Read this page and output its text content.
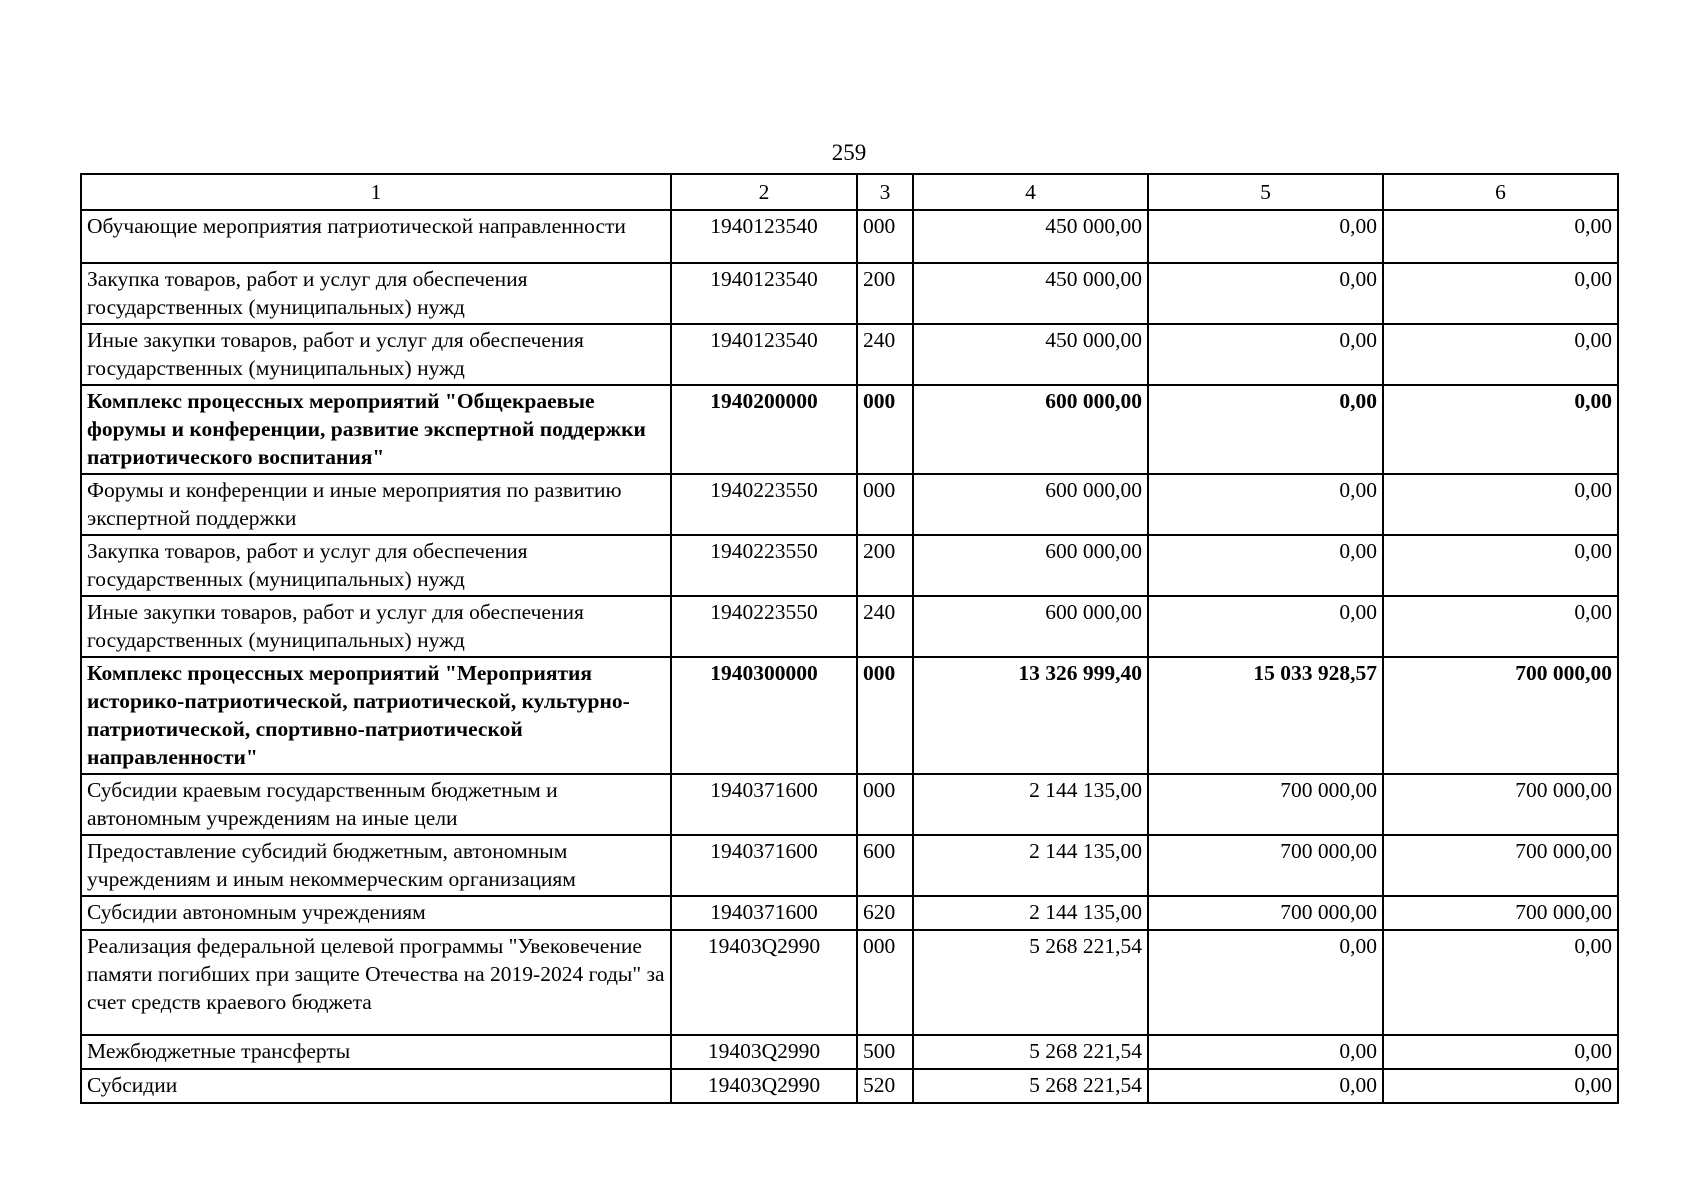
259
1	2	3	4	5	6
Обучающие мероприятия патриотической направленности	1940123540	000	450 000,00	0,00	0,00
Закупка товаров, работ и услуг для обеспечения государственных (муниципальных) нужд	1940123540	200	450 000,00	0,00	0,00
Иные закупки товаров, работ и услуг для обеспечения государственных (муниципальных) нужд	1940123540	240	450 000,00	0,00	0,00
Комплекс процессных мероприятий "Общекраевые форумы и конференции, развитие экспертной поддержки патриотического воспитания"	1940200000	000	600 000,00	0,00	0,00
Форумы и конференции и иные мероприятия по развитию экспертной поддержки	1940223550	000	600 000,00	0,00	0,00
Закупка товаров, работ и услуг для обеспечения государственных (муниципальных) нужд	1940223550	200	600 000,00	0,00	0,00
Иные закупки товаров, работ и услуг для обеспечения государственных (муниципальных) нужд	1940223550	240	600 000,00	0,00	0,00
Комплекс процессных мероприятий "Мероприятия историко-патриотической, патриотической, культурно-патриотической, спортивно-патриотической направленности"	1940300000	000	13 326 999,40	15 033 928,57	700 000,00
Субсидии краевым государственным бюджетным и автономным учреждениям на иные цели	1940371600	000	2 144 135,00	700 000,00	700 000,00
Предоставление субсидий бюджетным, автономным учреждениям и иным некоммерческим организациям	1940371600	600	2 144 135,00	700 000,00	700 000,00
Субсидии автономным учреждениям	1940371600	620	2 144 135,00	700 000,00	700 000,00
Реализация федеральной целевой программы "Увековечение памяти погибших при защите Отечества на 2019-2024 годы" за счет средств краевого бюджета	19403Q2990	000	5 268 221,54	0,00	0,00
Межбюджетные трансферты	19403Q2990	500	5 268 221,54	0,00	0,00
Субсидии	19403Q2990	520	5 268 221,54	0,00	0,00
